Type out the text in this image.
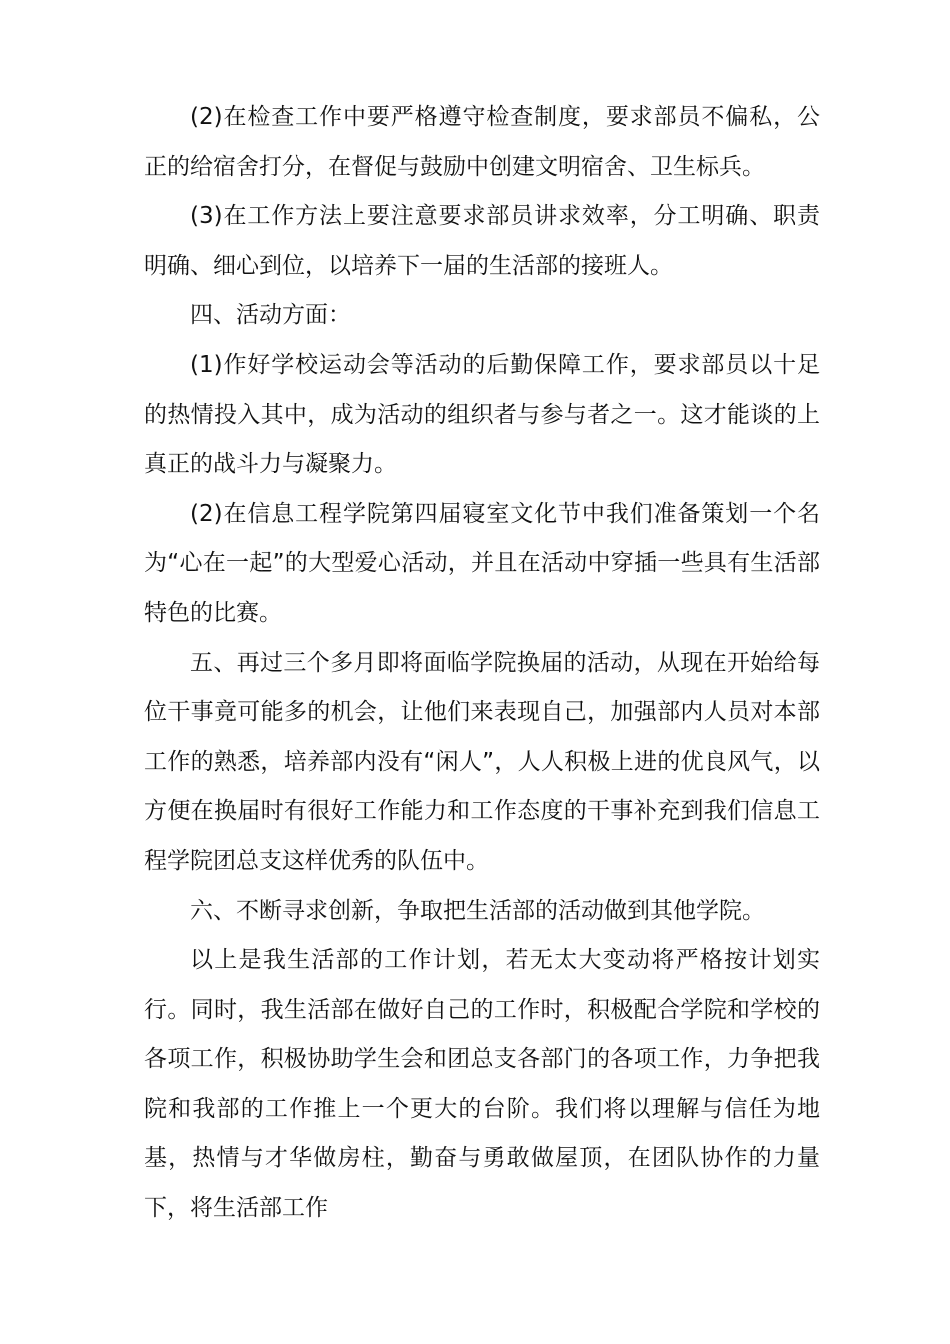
(2)在检查工作中要严格遵守检查制度，要求部员不偏私，公正的给宿舍打分，在督促与鼓励中创建文明宿舍、卫生标兵。

(3)在工作方法上要注意要求部员讲求效率，分工明确、职责明确、细心到位，以培养下一届的生活部的接班人。

四、活动方面：

(1)作好学校运动会等活动的后勤保障工作，要求部员以十足的热情投入其中，成为活动的组织者与参与者之一。这才能谈的上真正的战斗力与凝聚力。

(2)在信息工程学院第四届寝室文化节中我们准备策划一个名为“心在一起”的大型爱心活动，并且在活动中穿插一些具有生活部特色的比赛。

五、再过三个多月即将面临学院换届的活动，从现在开始给每位干事竟可能多的机会，让他们来表现自己，加强部内人员对本部工作的熟悉，培养部内没有“闲人”，人人积极上进的优良风气，以方便在换届时有很好工作能力和工作态度的干事补充到我们信息工程学院团总支这样优秀的队伍中。

六、不断寻求创新，争取把生活部的活动做到其他学院。

以上是我生活部的工作计划，若无太大变动将严格按计划实行。同时，我生活部在做好自己的工作时，积极配合学院和学校的各项工作，积极协助学生会和团总支各部门的各项工作，力争把我院和我部的工作推上一个更大的台阶。我们将以理解与信任为地基，热情与才华做房柱，勤奋与勇敢做屋顶，在团队协作的力量下，将生活部工作
